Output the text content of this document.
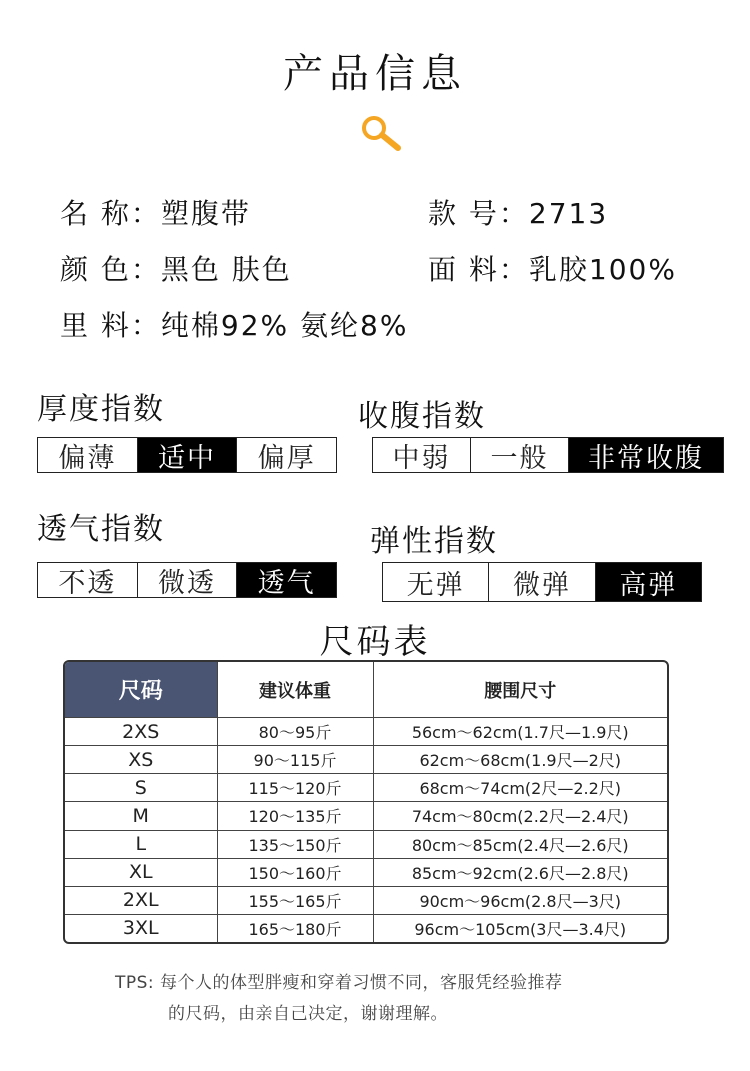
产品信息
名 称：塑腹带	款 号：2713
颜 色：黑色 肤色	面 料：乳胶100%
里 料：纯棉92% 氨纶8%
厚度指数
偏薄	适中	偏厚
收腹指数
中弱	一般	非常收腹
透气指数
不透	微透	透气
弹性指数
无弹	微弹	高弹
尺码表
尺码	建议体重	腰围尺寸
2XS	80～95斤	56cm～62cm(1.7尺—1.9尺)
XS	90～115斤	62cm～68cm(1.9尺—2尺)
S	115～120斤	68cm～74cm(2尺—2.2尺)
M	120～135斤	74cm～80cm(2.2尺—2.4尺)
L	135～150斤	80cm～85cm(2.4尺—2.6尺)
XL	150～160斤	85cm～92cm(2.6尺—2.8尺)
2XL	155～165斤	90cm～96cm(2.8尺—3尺)
3XL	165～180斤	96cm～105cm(3尺—3.4尺)
TPS: 每个人的体型胖瘦和穿着习惯不同，客服凭经验推荐
的尺码，由亲自己决定，谢谢理解。
